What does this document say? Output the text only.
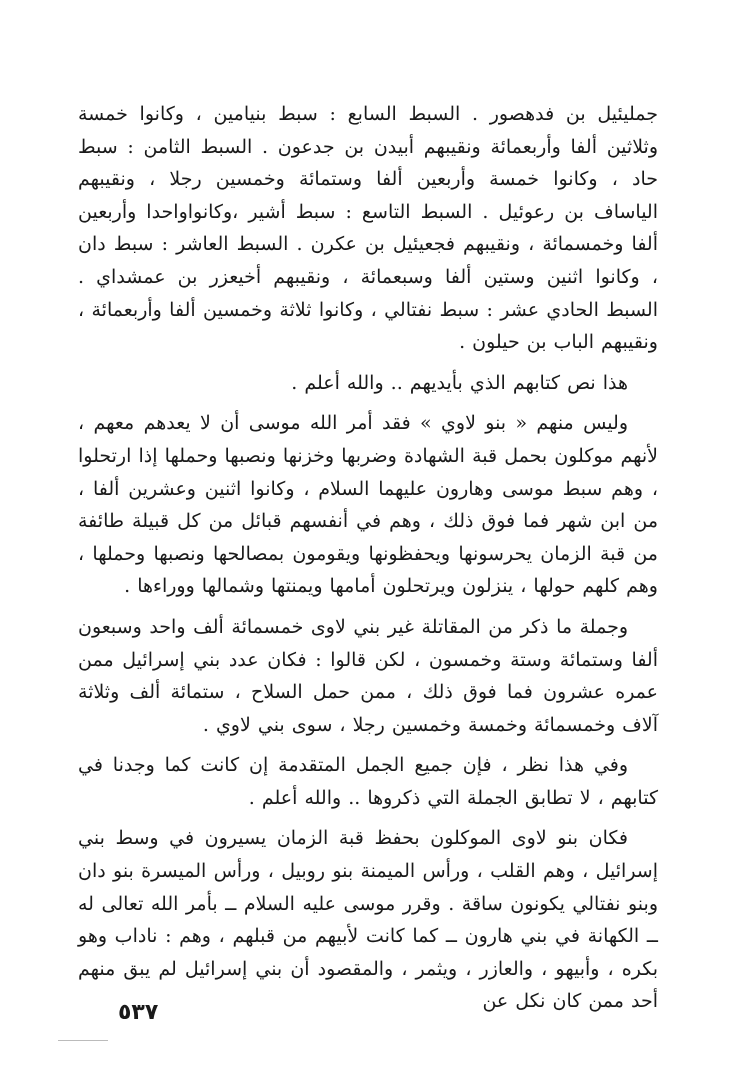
جمليئيل بن فدهصور . السبط السابع : سبط بنيامين ، وكانوا خمسة وثلاثين ألفا وأربعمائة ونقيبهم أبيدن بن جدعون . السبط الثامن : سبط حاد ، وكانوا خمسة وأربعين ألفا وستمائة وخمسين رجلا ، ونقيبهم الياساف بن رعوئيل . السبط التاسع : سبط أشير ،وكانواواحدا وأربعين ألفا وخمسمائة ، ونقيبهم فجعيئيل بن عكرن . السبط العاشر : سبط دان ، وكانوا اثنين وستين ألفا وسبعمائة ، ونقيبهم أخيعزر بن عمشداي . السبط الحادي عشر : سبط نفتالي ، وكانوا ثلاثة وخمسين ألفا وأربعمائة ، ونقيبهم الباب بن حيلون .

هذا نص كتابهم الذي بأيديهم .. والله أعلم .

وليس منهم « بنو لاوي » فقد أمر الله موسى أن لا يعدهم معهم ، لأنهم موكلون بحمل قبة الشهادة وضربها وخزنها ونصبها وحملها إذا ارتحلوا ، وهم سبط موسى وهارون عليهما السلام ، وكانوا اثنين وعشرين ألفا ، من ابن شهر فما فوق ذلك ، وهم في أنفسهم قبائل من كل قبيلة طائفة من قبة الزمان يحرسونها ويحفظونها ويقومون بمصالحها ونصبها وحملها ، وهم كلهم حولها ، ينزلون ويرتحلون أمامها ويمنتها وشمالها ووراءها .

وجملة ما ذكر من المقاتلة غير بني لاوى خمسمائة ألف واحد وسبعون ألفا وستمائة وستة وخمسون ، لكن قالوا : فكان عدد بني إسرائيل ممن عمره عشرون فما فوق ذلك ، ممن حمل السلاح ، ستمائة ألف وثلاثة آلاف وخمسمائة وخمسة وخمسين رجلا ، سوى بني لاوي .

وفي هذا نظر ، فإن جميع الجمل المتقدمة إن كانت كما وجدنا في كتابهم ، لا تطابق الجملة التي ذكروها .. والله أعلم .

فكان بنو لاوى الموكلون بحفظ قبة الزمان يسيرون في وسط بني إسرائيل ، وهم القلب ، ورأس الميمنة بنو روبيل ، ورأس الميسرة بنو دان وبنو نفتالي يكونون ساقة . وقرر موسى عليه السلام ــ بأمر الله تعالى له ــ الكهانة في بني هارون ــ كما كانت لأبيهم من قبلهم ، وهم : ناداب وهو بكره ، وأبيهو ، والعازر ، ويثمر ، والمقصود أن بني إسرائيل لم يبق منهم أحد ممن كان نكل عن

٥٣٧
